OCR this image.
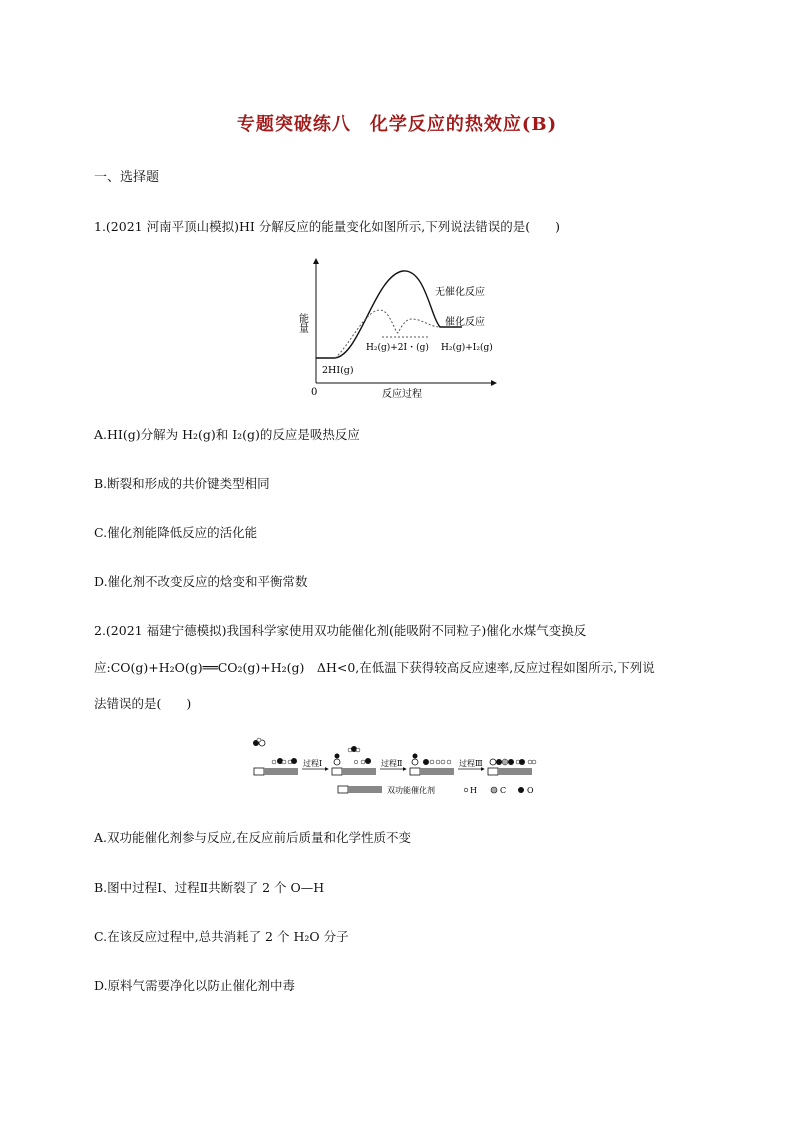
专题突破练八　化学反应的热效应(B)
一、选择题
1.(2021 河南平顶山模拟)HI 分解反应的能量变化如图所示,下列说法错误的是(　　)
能量
反应过程
0
无催化反应
催化反应
2HI(g)
H₂(g)+2I・(g) H₂(g)+I₂(g)
A.HI(g)分解为 H₂(g)和 I₂(g)的反应是吸热反应
B.断裂和形成的共价键类型相同
C.催化剂能降低反应的活化能
D.催化剂不改变反应的焓变和平衡常数
2.(2021 福建宁德模拟)我国科学家使用双功能催化剂(能吸附不同粒子)催化水煤气变换反
应:CO(g)+H₂O(g)══CO₂(g)+H₂(g)　ΔH<0,在低温下获得较高反应速率,反应过程如图所示,下列说
法错误的是(　　)
过程Ⅰ	过程Ⅱ	过程Ⅲ
双功能催化剂	H	C	O
A.双功能催化剂参与反应,在反应前后质量和化学性质不变
B.图中过程Ⅰ、过程Ⅱ共断裂了 2 个 O—H
C.在该反应过程中,总共消耗了 2 个 H₂O 分子
D.原料气需要净化以防止催化剂中毒
